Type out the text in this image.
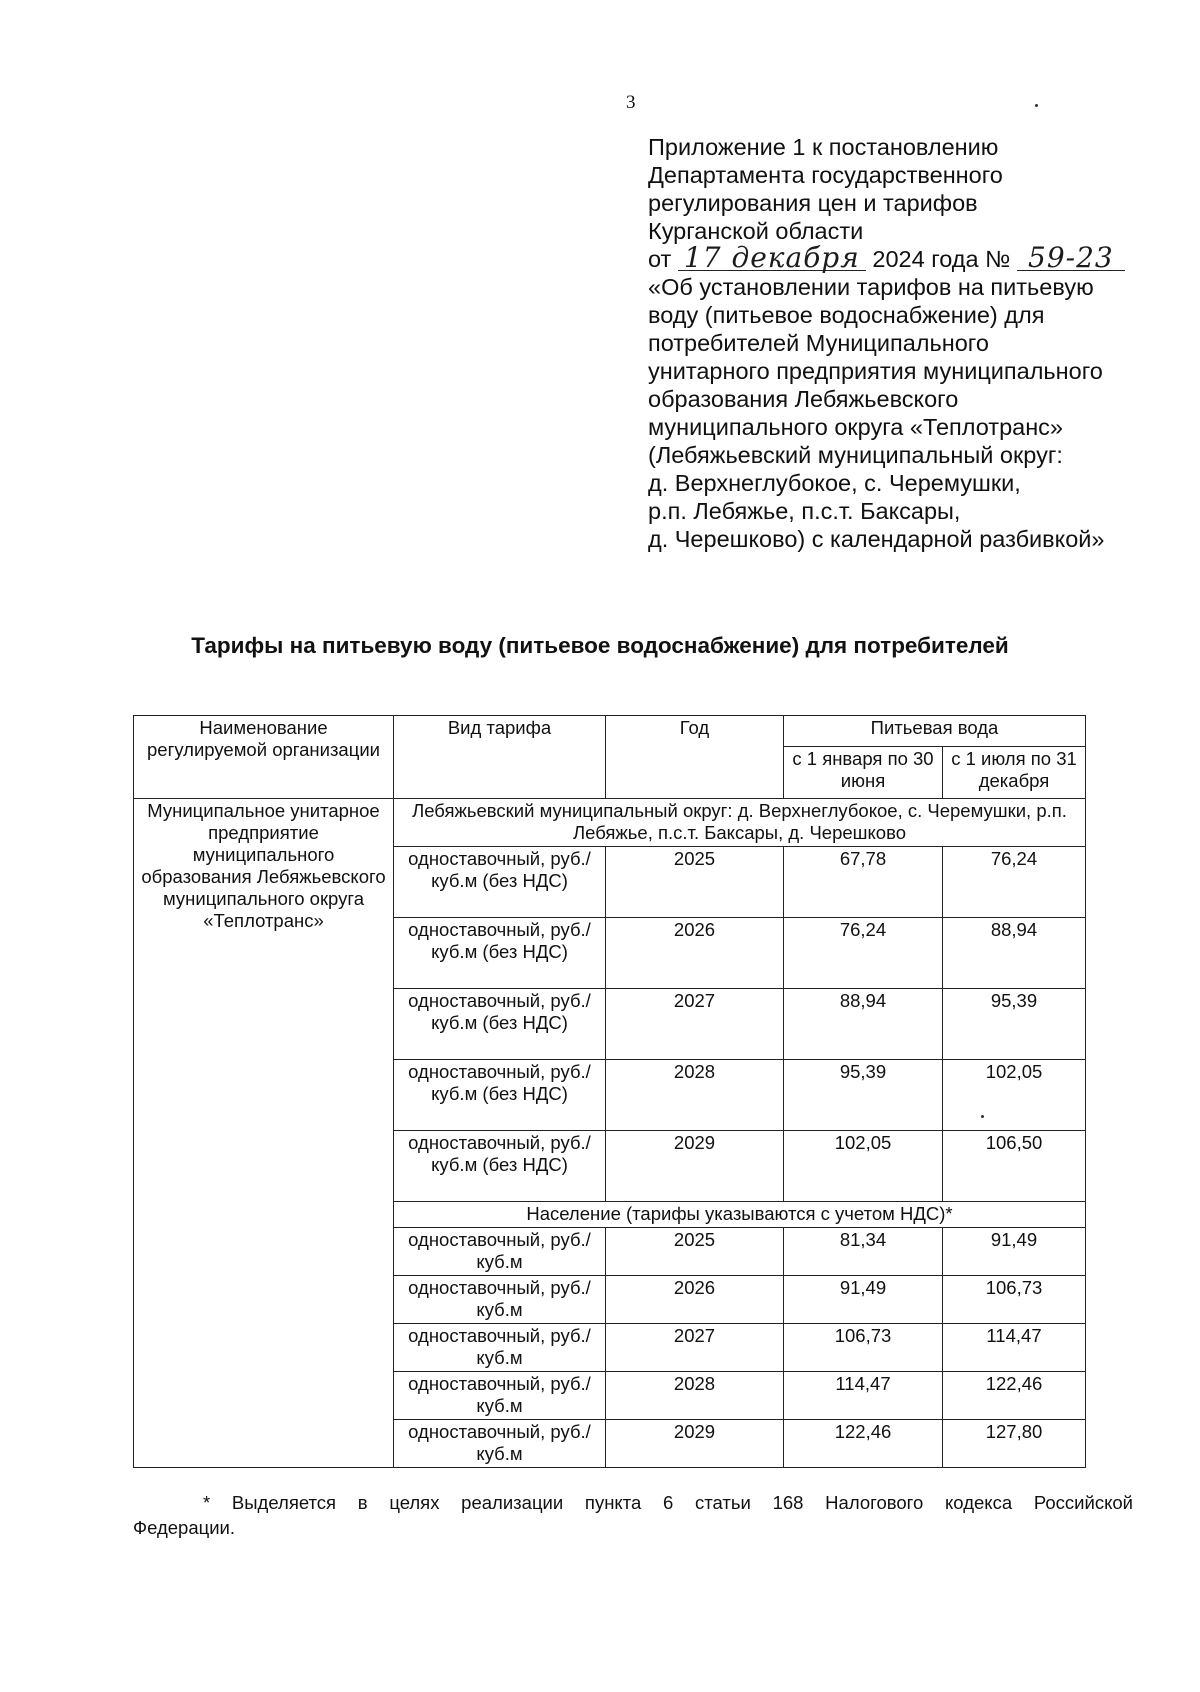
3
Приложение 1 к постановлению
Департамента государственного
регулирования цен и тарифов
Курганской области
от 17 декабря 2024 года № 59-23
«Об установлении тарифов на питьевую
воду (питьевое водоснабжение) для
потребителей Муниципального
унитарного предприятия муниципального
образования Лебяжьевского
муниципального округа «Теплотранс»
(Лебяжьевский муниципальный округ:
д. Верхнеглубокое, с. Черемушки,
р.п. Лебяжье, п.с.т. Баксары,
д. Черешково) с календарной разбивкой»
Тарифы на питьевую воду (питьевое водоснабжение) для потребителей
Наименование регулируемой организации	Вид тарифа	Год	Питьевая вода	
			с 1 января по 30 июня	с 1 июля по 31 декабря
Муниципальное унитарное предприятие муниципального образования Лебяжьевского муниципального округа «Теплотранс»	Лебяжьевский муниципальный округ: д. Верхнеглубокое, с. Черемушки, р.п. Лебяжье, п.с.т. Баксары, д. Черешково			
	одноставочный, руб./куб.м (без НДС)	2025	67,78	76,24
	одноставочный, руб./куб.м (без НДС)	2026	76,24	88,94
	одноставочный, руб./куб.м (без НДС)	2027	88,94	95,39
	одноставочный, руб./куб.м (без НДС)	2028	95,39	102,05
	одноставочный, руб./куб.м (без НДС)	2029	102,05	106,50
	Население (тарифы указываются с учетом НДС)*			
	одноставочный, руб./куб.м	2025	81,34	91,49
	одноставочный, руб./куб.м	2026	91,49	106,73
	одноставочный, руб./куб.м	2027	106,73	114,47
	одноставочный, руб./куб.м	2028	114,47	122,46
	одноставочный, руб./куб.м	2029	122,46	127,80
* Выделяется в целях реализации пункта 6 статьи 168 Налогового кодекса Российской Федерации.
